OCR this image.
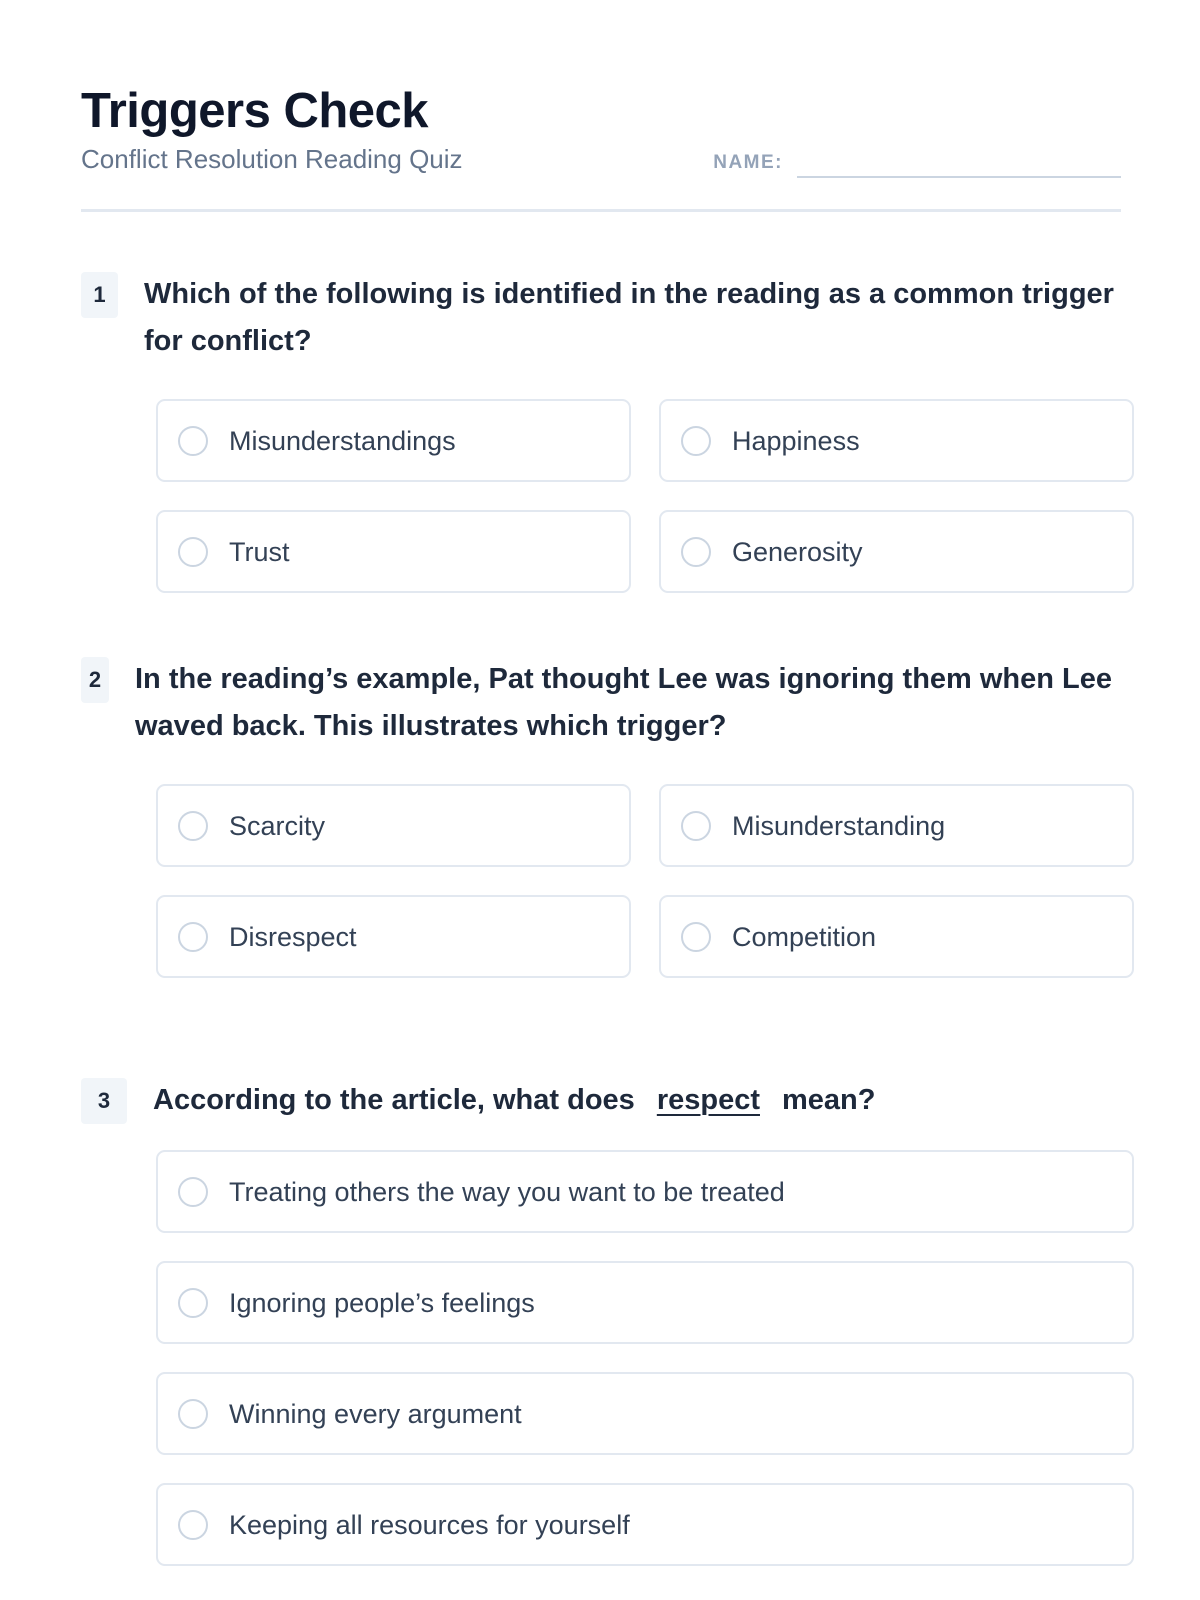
Triggers Check
Conflict Resolution Reading Quiz	NAME:
1	Which of the following is identified in the reading as a common trigger for conflict?
Misunderstandings	Happiness
Trust	Generosity
2 In the reading’s example, Pat thought Lee was ignoring them when Lee waved back. This illustrates which trigger?
Scarcity	Misunderstanding
Disrespect	Competition
3	According to the article, what does respect mean?
Treating others the way you want to be treated
Ignoring people’s feelings
Winning every argument
Keeping all resources for yourself
